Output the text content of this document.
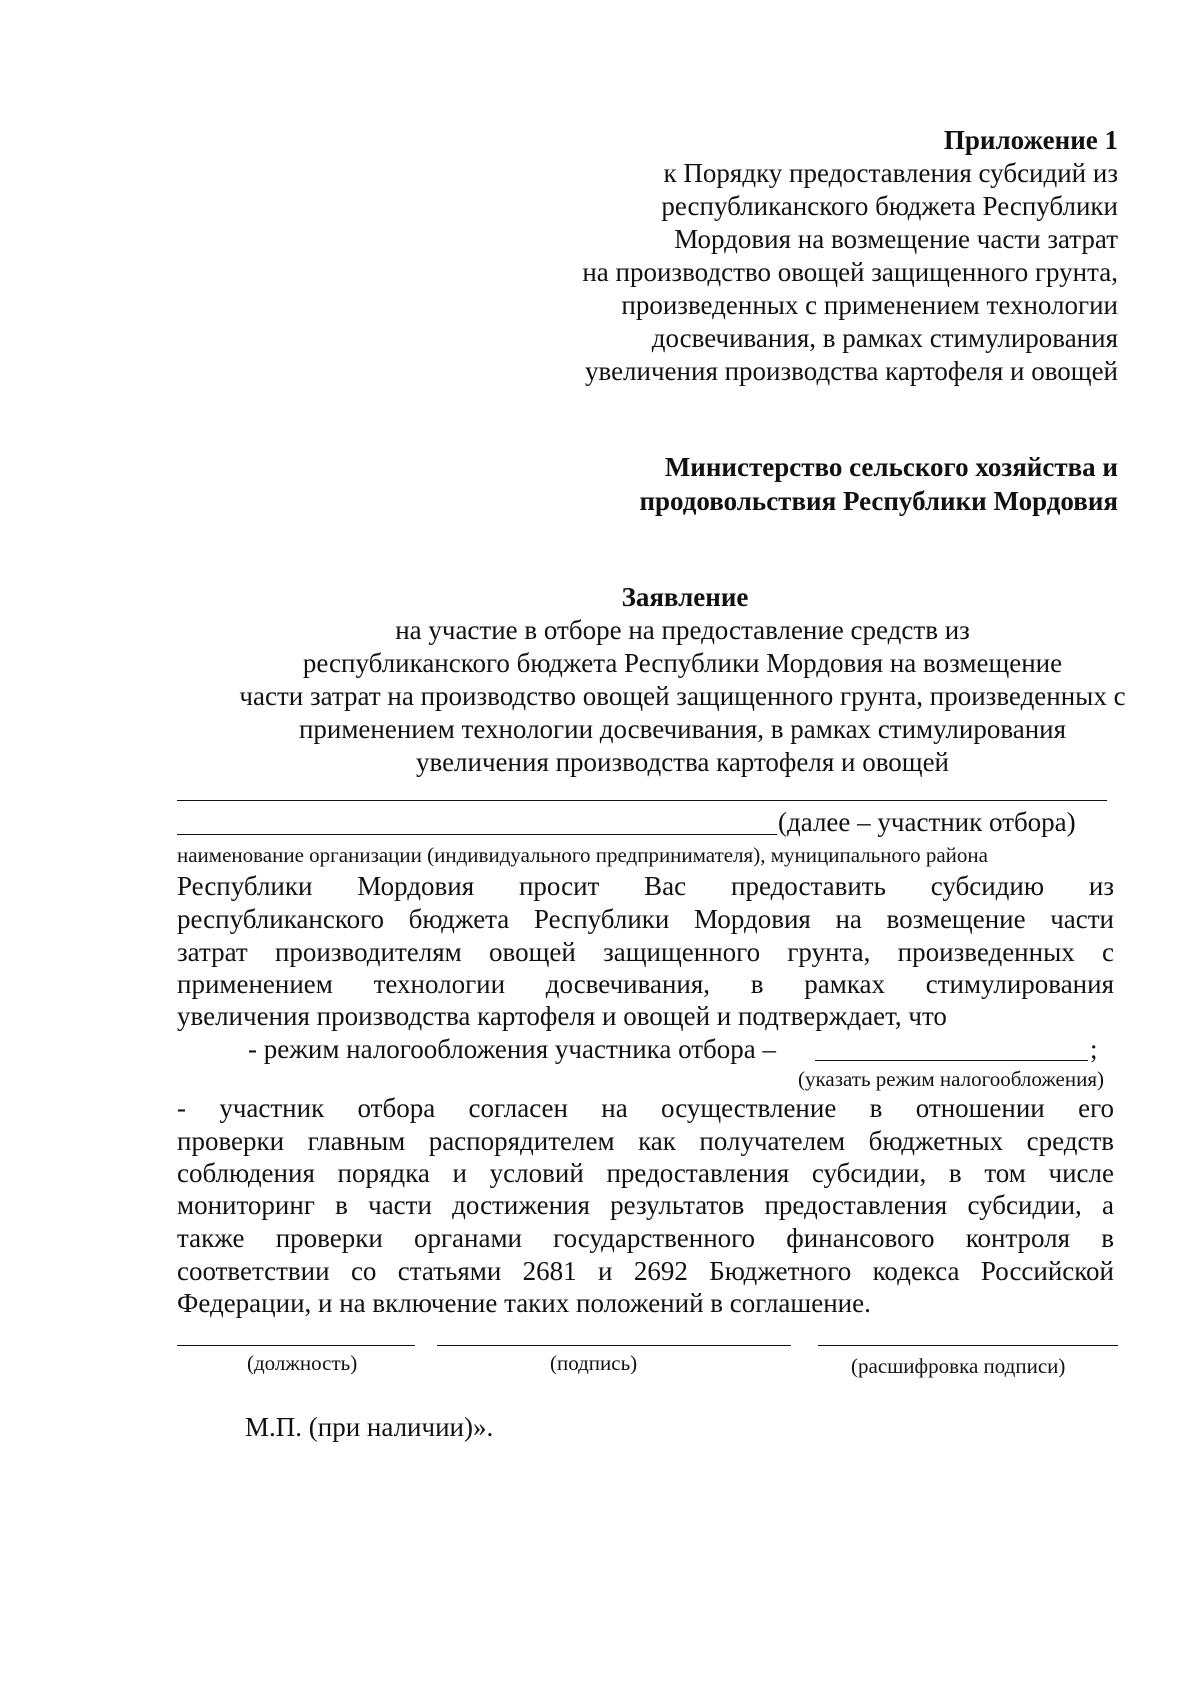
Приложение 1
к Порядку предоставления субсидий из
республиканского бюджета Республики
Мордовия на возмещение части затрат
на производство овощей защищенного грунта,
произведенных с применением технологии
досвечивания, в рамках стимулирования
увеличения производства картофеля и овощей
Министерство сельского хозяйства и
продовольствия Республики Мордовия
Заявление
на участие в отборе на предоставление средств из
республиканского бюджета Республики Мордовия на возмещение
части затрат на производство овощей защищенного грунта, произведенных с
применением технологии досвечивания, в рамках стимулирования
увеличения производства картофеля и овощей
(далее – участник отбора)
наименование организации (индивидуального предпринимателя), муниципального района
Республики Мордовия просит Вас предоставить субсидию из
республиканского бюджета Республики Мордовия на возмещение части
затрат производителям овощей защищенного грунта, произведенных с
применением технологии досвечивания, в рамках стимулирования
увеличения производства картофеля и овощей и подтверждает, что
- режим налогообложения участника отбора –	;
(указать режим налогообложения)
- участник отбора согласен на осуществление в отношении его
проверки главным распорядителем как получателем бюджетных средств
соблюдения порядка и условий предоставления субсидии, в том числе
мониторинг в части достижения результатов предоставления субсидии, а
также проверки органами государственного финансового контроля в
соответствии со статьями 2681 и 2692 Бюджетного кодекса Российской
Федерации, и на включение таких положений в соглашение.
(должность)	(подпись)	(расшифровка подписи)
М.П. (при наличии)».
